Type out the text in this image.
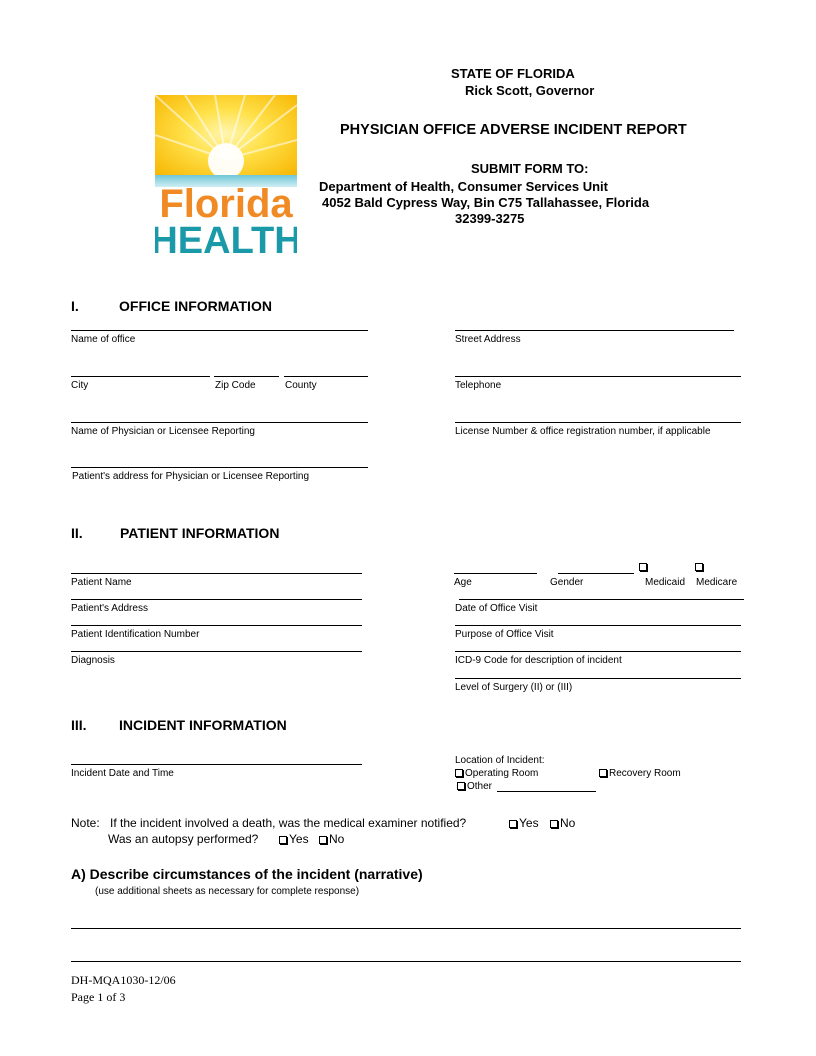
Florida
HEALTH
STATE OF FLORIDA
Rick Scott, Governor
PHYSICIAN OFFICE ADVERSE INCIDENT REPORT
SUBMIT FORM TO:
Department of Health, Consumer Services Unit
4052 Bald Cypress Way, Bin C75 Tallahassee, Florida
32399-3275
I.	OFFICE INFORMATION
Name of office	Street Address
City	Zip Code	County	Telephone
Name of Physician or Licensee Reporting	License Number & office registration number, if applicable
Patient's address for Physician or Licensee Reporting
II.	PATIENT INFORMATION
Patient Name	Age	Gender	Medicaid Medicare
Patient's Address	Date of Office Visit
Patient Identification Number	Purpose of Office Visit
Diagnosis	ICD-9 Code for description of incident
Level of Surgery (II) or (III)
III. INCIDENT INFORMATION
Incident Date and Time
Location of Incident:
Operating Room	Recovery Room
Other
Note: If the incident involved a death, was the medical examiner notified?	Yes	No
Was an autopsy performed?	Yes	No
A) Describe circumstances of the incident (narrative)
(use additional sheets as necessary for complete response)
DH-MQA1030-12/06
Page 1 of 3
